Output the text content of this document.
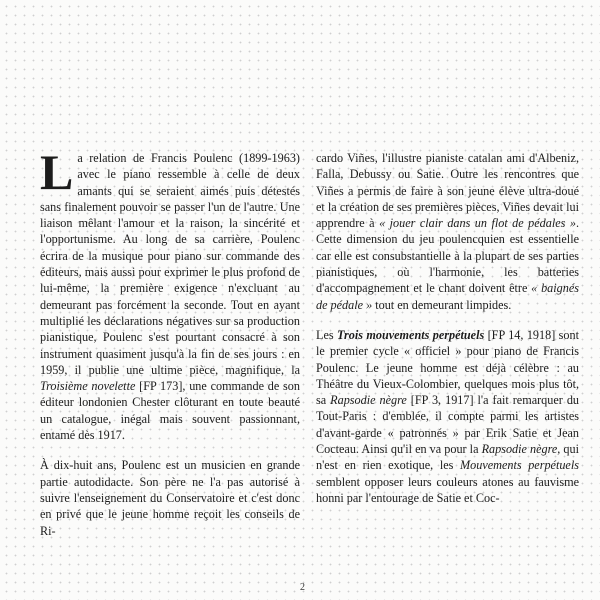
La relation de Francis Poulenc (1899-1963) avec le piano ressemble à celle de deux amants qui se seraient aimés puis détestés sans finalement pouvoir se passer l'un de l'autre. Une liaison mêlant l'amour et la raison, la sincérité et l'opportunisme. Au long de sa carrière, Poulenc écrira de la musique pour piano sur commande des éditeurs, mais aussi pour exprimer le plus profond de lui-même, la première exigence n'excluant au demeurant pas forcément la seconde. Tout en ayant multiplié les déclarations négatives sur sa production pianistique, Poulenc s'est pourtant consacré à son instrument quasiment jusqu'à la fin de ses jours : en 1959, il publie une ultime pièce, magnifique, la Troisième novelette [FP 173], une commande de son éditeur londonien Chester clôturant en toute beauté un catalogue, inégal mais souvent passionnant, entamé dès 1917.

À dix-huit ans, Poulenc est un musicien en grande partie autodidacte. Son père ne l'a pas autorisé à suivre l'enseignement du Conservatoire et c'est donc en privé que le jeune homme reçoit les conseils de Ri-

cardo Viñes, l'illustre pianiste catalan ami d'Albeniz, Falla, Debussy ou Satie. Outre les rencontres que Viñes a permis de faire à son jeune élève ultra-doué et la création de ses premières pièces, Viñes devait lui apprendre à « jouer clair dans un flot de pédales ». Cette dimension du jeu poulencquien est essentielle car elle est consubstantielle à la plupart de ses parties pianistiques, où l'harmonie, les batteries d'accompagnement et le chant doivent être « baignés de pédale » tout en demeurant limpides.

Les Trois mouvements perpétuels [FP 14, 1918] sont le premier cycle « officiel » pour piano de Francis Poulenc. Le jeune homme est déjà célèbre : au Théâtre du Vieux-Colombier, quelques mois plus tôt, sa Rapsodie nègre [FP 3, 1917] l'a fait remarquer du Tout-Paris : d'emblée, il compte parmi les artistes d'avant-garde « patronnés » par Erik Satie et Jean Cocteau. Ainsi qu'il en va pour la Rapsodie nègre, qui n'est en rien exotique, les Mouvements perpétuels semblent opposer leurs couleurs atones au fauvisme honni par l'entourage de Satie et Coc-

2
